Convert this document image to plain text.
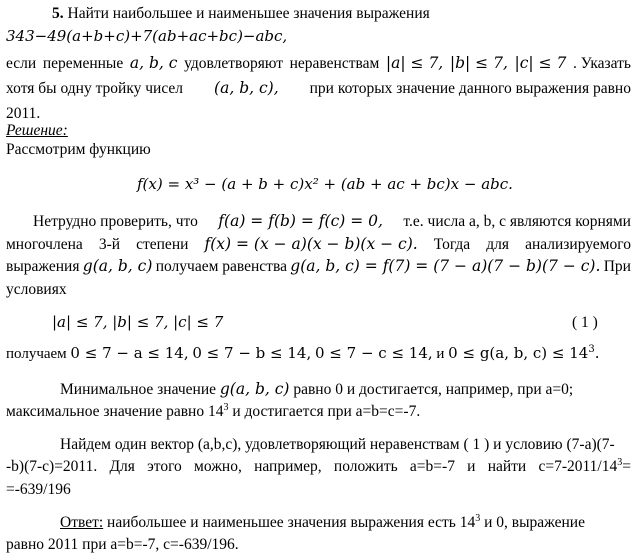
5. Найти наибольшее и наименьшее значения выражения
343−49(a+b+c)+7(ab+ac+bc)−abc,
если переменные a, b, c удовлетворяют неравенствам |a| ≤ 7, |b| ≤ 7, |c| ≤ 7 . Указать
хотя бы одну тройку чисел (a, b, c), при которых значение данного выражения равно
2011.
Решение:
Рассмотрим функцию
f(x) = x³ − (a + b + c)x² + (ab + ac + bc)x − abc.
Нетрудно проверить, что f(a) = f(b) = f(c) = 0, т.е. числа a, b, c являются корнями
многочлена 3-й степени f(x) = (x − a)(x − b)(x − c). Тогда для анализируемого
выражения g(a, b, c) получаем равенства g(a, b, c) = f(7) = (7 − a)(7 − b)(7 − c). При
условиях
|a| ≤ 7, |b| ≤ 7, |c| ≤ 7	( 1 )
получаем 0 ≤ 7 − a ≤ 14, 0 ≤ 7 − b ≤ 14, 0 ≤ 7 − c ≤ 14, и 0 ≤ g(a, b, $c) \le 14^3$.
Минимальное значение g(a, b, c) равно 0 и достигается, например, при a=0;
максимальное значение равно $14^3$ и достигается при a=b=c=-7.
Найдем один вектор (a,b,c), удовлетворяющий неравенствам ( 1 ) и условию (7-a)(7-
-b)(7-c)=2011. Для этого можно, например, положить a=b=-7 и найти $c=7-2011/14^3=$
=-639/196
Ответ: наибольшее и наименьшее значения выражения есть $14^3$ и 0, выражение
равно 2011 при a=b=-7, c=-639/196.
